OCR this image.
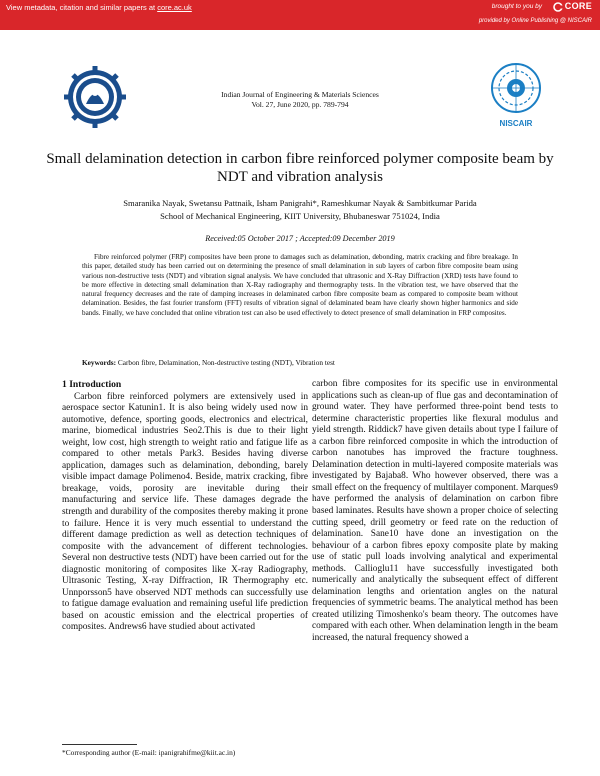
View metadata, citation and similar papers at core.ac.uk	brought to you by	CORE
provided by Online Publishing @ NISCAIR
NISCAIR
Indian Journal of Engineering & Materials Sciences
Vol. 27, June 2020, pp. 789-794
Small delamination detection in carbon fibre reinforced polymer composite beam by NDT and vibration analysis
Smaranika Nayak, Swetansu Pattnaik, Isham Panigrahi*, Rameshkumar Nayak & Sambitkumar Parida
School of Mechanical Engineering, KIIT University, Bhubaneswar 751024, India
Received:05 October 2017 ; Accepted:09 December 2019
Fibre reinforced polymer (FRP) composites have been prone to damages such as delamination, debonding, matrix cracking and fibre breakage. In this paper, detailed study has been carried out on determining the presence of small delamination in sub layers of carbon fibre composite beam using various non-destructive tests (NDT) and vibration signal analysis. We have concluded that ultrasonic and X-Ray Diffraction (XRD) tests have found to be more effective in detecting small delamination than X-Ray radiography and thermography tests. In the vibration test, we have observed that the natural frequency decreases and the rate of damping increases in delaminated carbon fibre composite beam as compared to composite beam without delamination. Besides, the fast fourier transform (FFT) results of vibration signal of delaminated beam have clearly shown higher harmonics and side bands. Finally, we have concluded that online vibration test can also be used effectively to detect presence of small delamination in FRP composites.
Keywords: Carbon fibre, Delamination, Non-destructive testing (NDT), Vibration test
1 Introduction
Carbon fibre reinforced polymers are extensively used in aerospace sector Katunin1. It is also being widely used now in automotive, defence, sporting goods, electronics and electrical, marine, biomedical industries Seo2.This is due to their light weight, low cost, high strength to weight ratio and fatigue life as compared to other metals Park3. Besides having diverse application, damages such as delamination, debonding, barely visible impact damage Polimeno4. Beside, matrix cracking, fibre breakage, voids, porosity are inevitable during their manufacturing and service life. These damages degrade the strength and durability of the composites thereby making it prone to failure. Hence it is very much essential to understand the different damage prediction as well as detection techniques of composite with the advancement of different technologies. Several non destructive tests (NDT) have been carried out for the diagnostic monitoring of composites like X-ray Radiography, Ultrasonic Testing, X-ray Diffraction, IR Thermography etc. Unnporsson5 have observed NDT methods can successfully use to fatigue damage evaluation and remaining useful life prediction based on acoustic emission and the electrical properties of composites. Andrews6 have studied about activated
carbon fibre composites for its specific use in environmental applications such as clean-up of flue gas and decontamination of ground water. They have performed three-point bend tests to determine characteristic properties like flexural modulus and yield strength. Riddick7 have given details about type I failure of a carbon fibre reinforced composite in which the introduction of carbon nanotubes has improved the fracture toughness. Delamination detection in multi-layered composite materials was investigated by Bajaba8. Who however observed, there was a small effect on the frequency of multilayer component. Marques9 have performed the analysis of delamination on carbon fibre based laminates. Results have shown a proper choice of selecting cutting speed, drill geometry or feed rate on the reduction of delamination. Sane10 have done an investigation on the behaviour of a carbon fibres epoxy composite plate by making use of static pull loads involving analytical and experimental methods. Callioglu11 have successfully investigated both numerically and analytically the subsequent effect of different delamination lengths and orientation angles on the natural frequencies of symmetric beams. The analytical method has been created utilizing Timoshenko's beam theory. The outcomes have compared with each other. When delamination length in the beam increased, the natural frequency showed a
*Corresponding author (E-mail: ipanigrahifme@kiit.ac.in)
